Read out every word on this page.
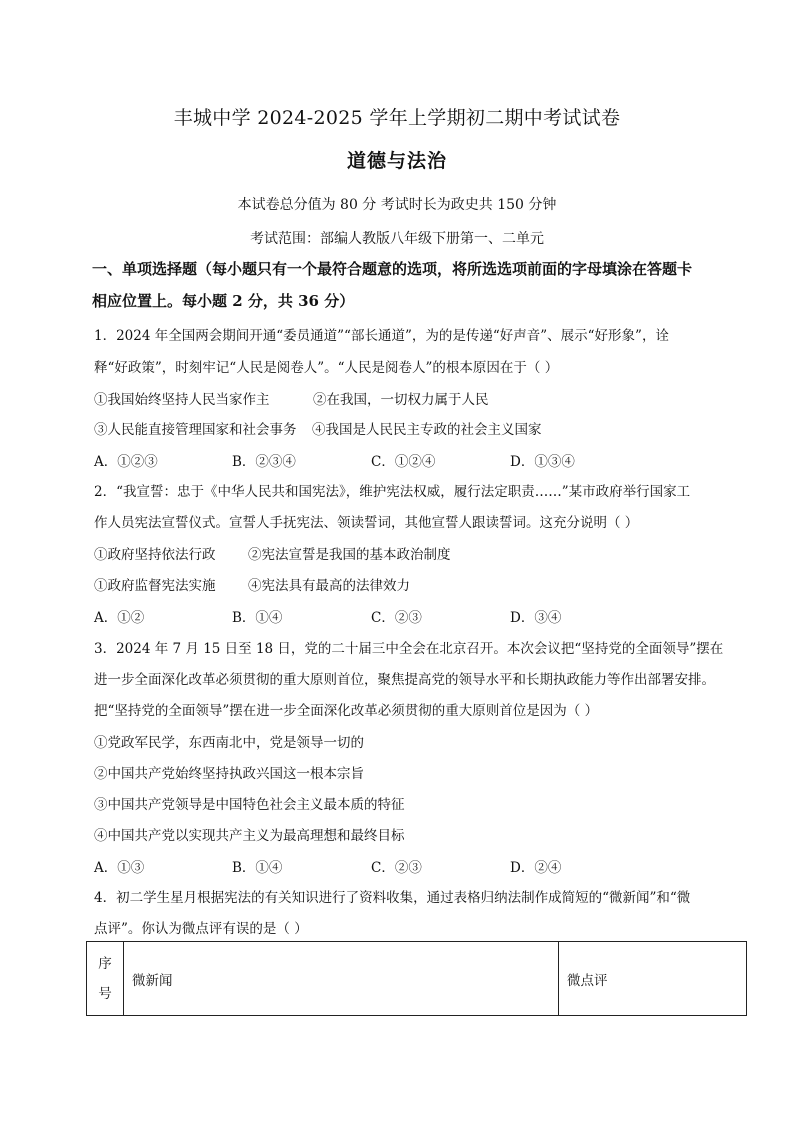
丰城中学 2024-2025 学年上学期初二期中考试试卷
道德与法治
本试卷总分值为 80 分 考试时长为政史共 150 分钟
考试范围：部编人教版八年级下册第一、二单元
一、单项选择题（每小题只有一个最符合题意的选项，将所选选项前面的字母填涂在答题卡
相应位置上。每小题 2 分，共 36 分）
1．2024 年全国两会期间开通“委员通道”“部长通道”，为的是传递“好声音”、展示“好形象”，诠
释“好政策”，时刻牢记“人民是阅卷人”。“人民是阅卷人”的根本原因在于（ ）
①我国始终坚持人民当家作主	②在我国，一切权力属于人民
③人民能直接管理国家和社会事务 ④我国是人民民主专政的社会主义国家
A．①②③	B．②③④	C．①②④	D．①③④
2．“我宣誓：忠于《中华人民共和国宪法》，维护宪法权威，履行法定职责……”某市政府举行国家工
作人员宪法宣誓仪式。宣誓人手抚宪法、领读誓词，其他宣誓人跟读誓词。这充分说明（ ）
①政府坚持依法行政 ②宪法宣誓是我国的基本政治制度
①政府监督宪法实施 ④宪法具有最高的法律效力
A．①②	B．①④	C．②③	D．③④
3．2024 年 7 月 15 日至 18 日，党的二十届三中全会在北京召开。本次会议把“坚持党的全面领导”摆在
进一步全面深化改革必须贯彻的重大原则首位，聚焦提高党的领导水平和长期执政能力等作出部署安排。
把“坚持党的全面领导”摆在进一步全面深化改革必须贯彻的重大原则首位是因为（ ）
①党政军民学，东西南北中，党是领导一切的
②中国共产党始终坚持执政兴国这一根本宗旨
③中国共产党领导是中国特色社会主义最本质的特征
④中国共产党以实现共产主义为最高理想和最终目标
A．①③	B．①④	C．②③	D．②④
4．初二学生星月根据宪法的有关知识进行了资料收集，通过表格归纳法制作成简短的“微新闻”和“微
点评”。你认为微点评有误的是（ ）
序
号	微新闻	微点评
